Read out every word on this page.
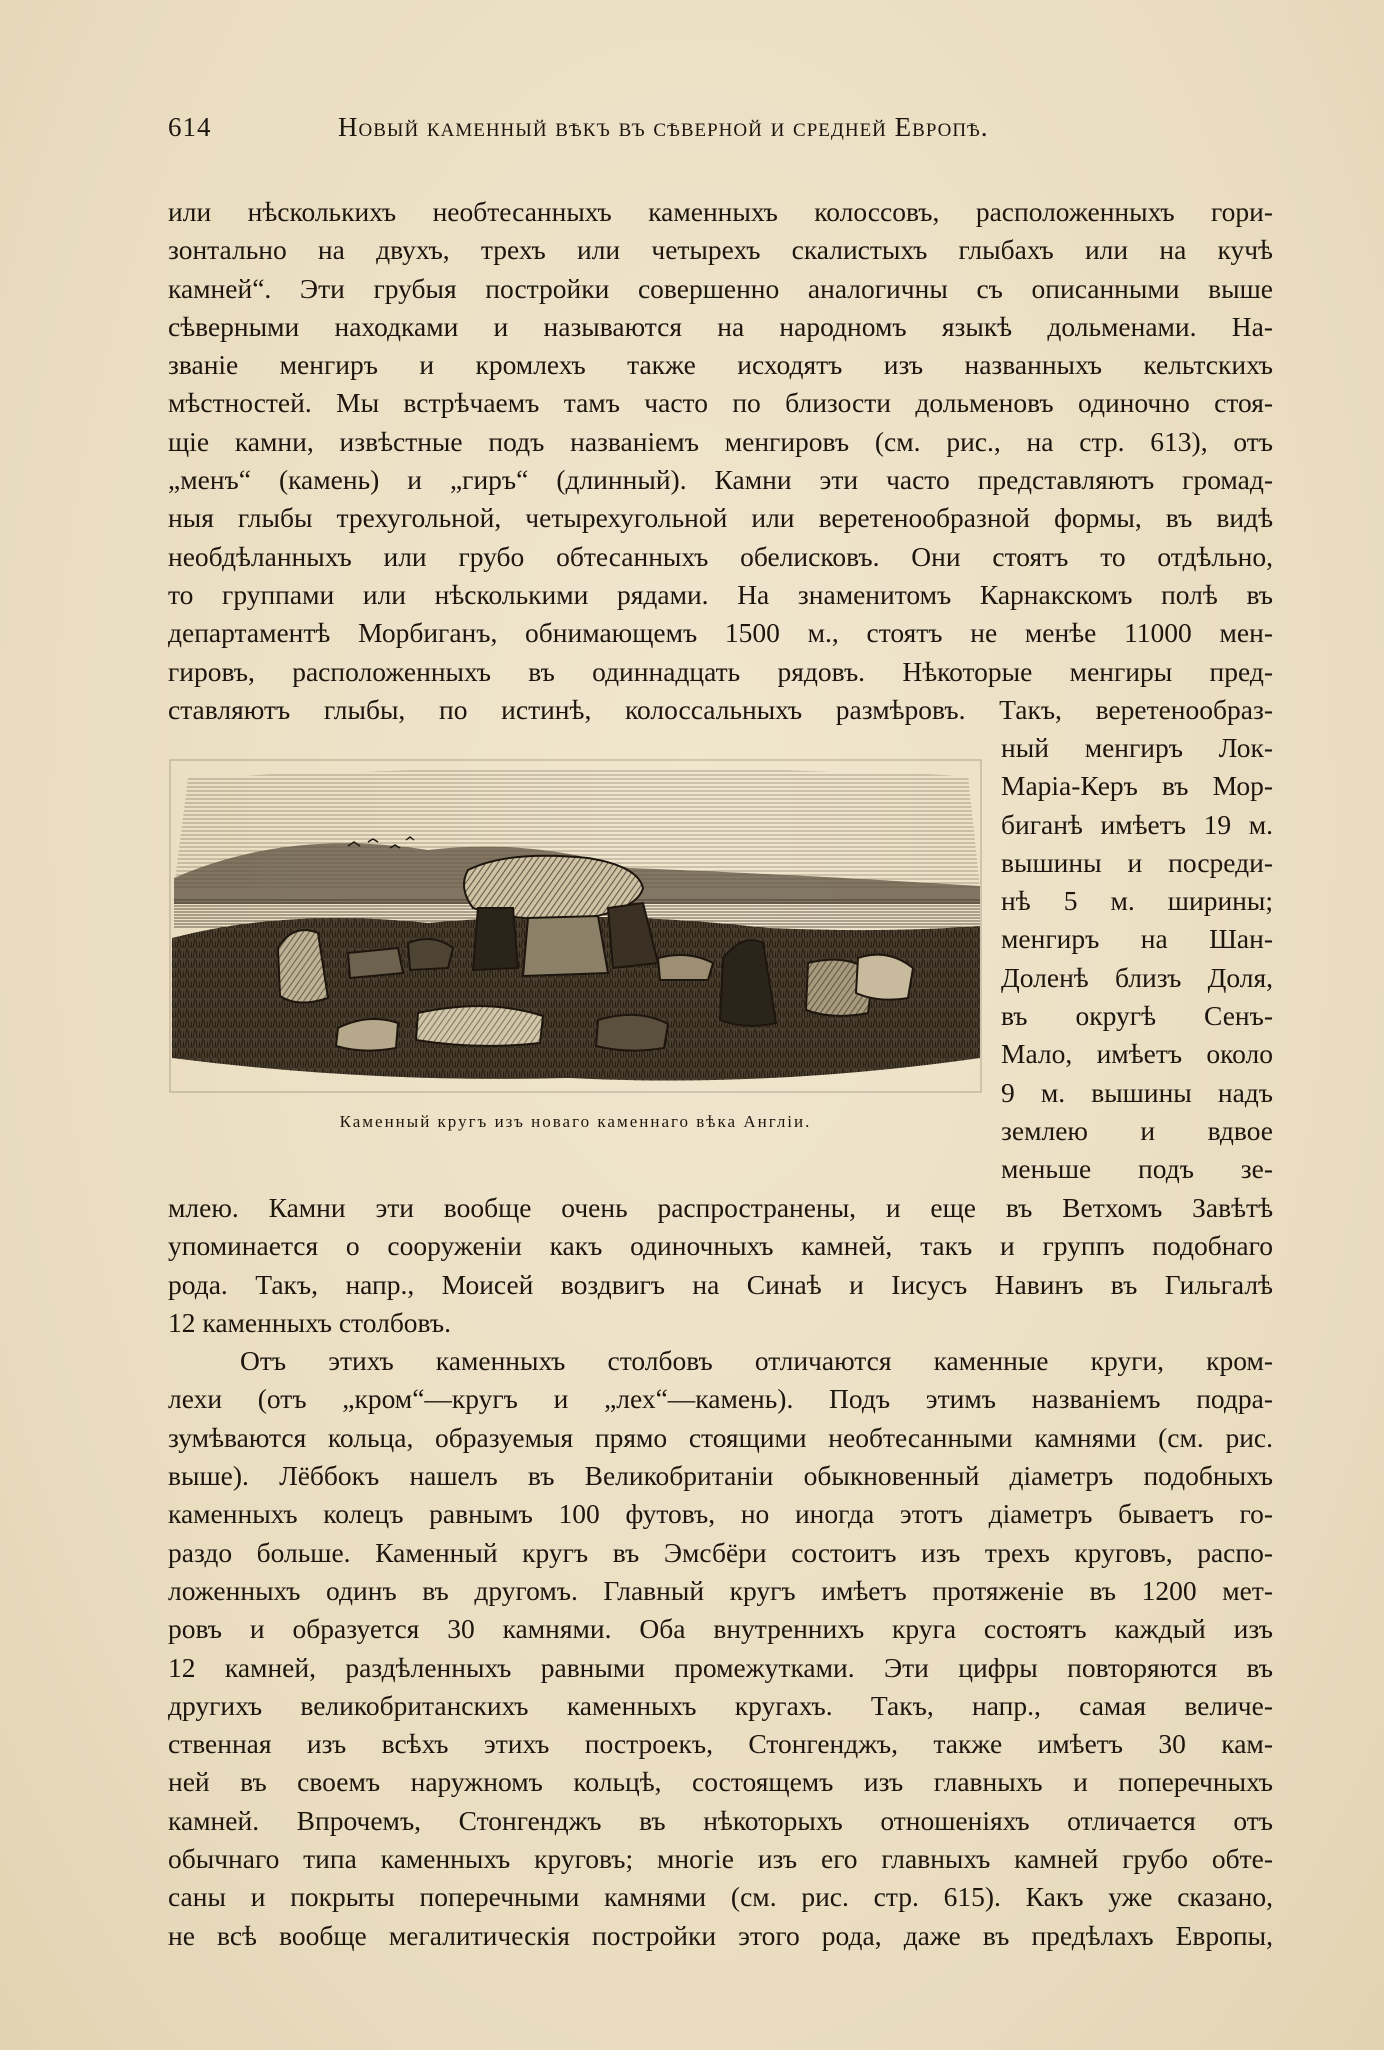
614	Новый каменный вѣкъ въ сѣверной и средней Европѣ.
или нѣсколькихъ необтесанныхъ каменныхъ колоссовъ, расположенныхъ гори-
зонтально на двухъ, трехъ или четырехъ скалистыхъ глыбахъ или на кучѣ
камней“. Эти грубыя постройки совершенно аналогичны съ описанными выше
сѣверными находками и называются на народномъ языкѣ дольменами. На-
званіе менгиръ и кромлехъ также исходятъ изъ названныхъ кельтскихъ
мѣстностей. Мы встрѣчаемъ тамъ часто по близости дольменовъ одиночно стоя-
щіе камни, извѣстные подъ названіемъ менгировъ (см. рис., на стр. 613), отъ
„менъ“ (камень) и „гиръ“ (длинный). Камни эти часто представляютъ громад-
ныя глыбы трехугольной, четырехугольной или веретенообразной формы, въ видѣ
необдѣланныхъ или грубо обтесанныхъ обелисковъ. Они стоятъ то отдѣльно,
то группами или нѣсколькими рядами. На знаменитомъ Карнакскомъ полѣ въ
департаментѣ Морбиганъ, обнимающемъ 1500 м., стоятъ не менѣе 11000 мен-
гировъ, расположенныхъ въ одиннадцать рядовъ. Нѣкоторые менгиры пред-
ставляютъ глыбы, по истинѣ, колоссальныхъ размѣровъ. Такъ, веретенообраз-
ный менгиръ Лок-
Маріа-Керъ въ Мор-
биганѣ имѣетъ 19 м.
вышины и посреди-
нѣ 5 м. ширины;
менгиръ на Шан-
Доленѣ близъ Доля,
въ округѣ Сенъ-
Мало, имѣетъ около
9 м. вышины надъ
землею и вдвое
меньше подъ зе-
Каменный кругъ изъ новаго каменнаго вѣка Англіи.
млею. Камни эти вообще очень распространены, и еще въ Ветхомъ Завѣтѣ
упоминается о сооруженіи какъ одиночныхъ камней, такъ и группъ подобнаго
рода. Такъ, напр., Моисей воздвигъ на Синаѣ и Іисусъ Навинъ въ Гильгалѣ
12 каменныхъ столбовъ.
Отъ этихъ каменныхъ столбовъ отличаются каменные круги, кром-
лехи (отъ „кром“—кругъ и „лех“—камень). Подъ этимъ названіемъ подра-
зумѣваются кольца, образуемыя прямо стоящими необтесанными камнями (см. рис.
выше). Лёббокъ нашелъ въ Великобританіи обыкновенный діаметръ подобныхъ
каменныхъ колецъ равнымъ 100 футовъ, но иногда этотъ діаметръ бываетъ го-
раздо больше. Каменный кругъ въ Эмсбёри состоитъ изъ трехъ круговъ, распо-
ложенныхъ одинъ въ другомъ. Главный кругъ имѣетъ протяженіе въ 1200 мет-
ровъ и образуется 30 камнями. Оба внутреннихъ круга состоятъ каждый изъ
12 камней, раздѣленныхъ равными промежутками. Эти цифры повторяются въ
другихъ великобританскихъ каменныхъ кругахъ. Такъ, напр., самая величе-
ственная изъ всѣхъ этихъ построекъ, Стонгенджъ, также имѣетъ 30 кам-
ней въ своемъ наружномъ кольцѣ, состоящемъ изъ главныхъ и поперечныхъ
камней. Впрочемъ, Стонгенджъ въ нѣкоторыхъ отношеніяхъ отличается отъ
обычнаго типа каменныхъ круговъ; многіе изъ его главныхъ камней грубо обте-
саны и покрыты поперечными камнями (см. рис. стр. 615). Какъ уже сказано,
не всѣ вообще мегалитическія постройки этого рода, даже въ предѣлахъ Европы,
